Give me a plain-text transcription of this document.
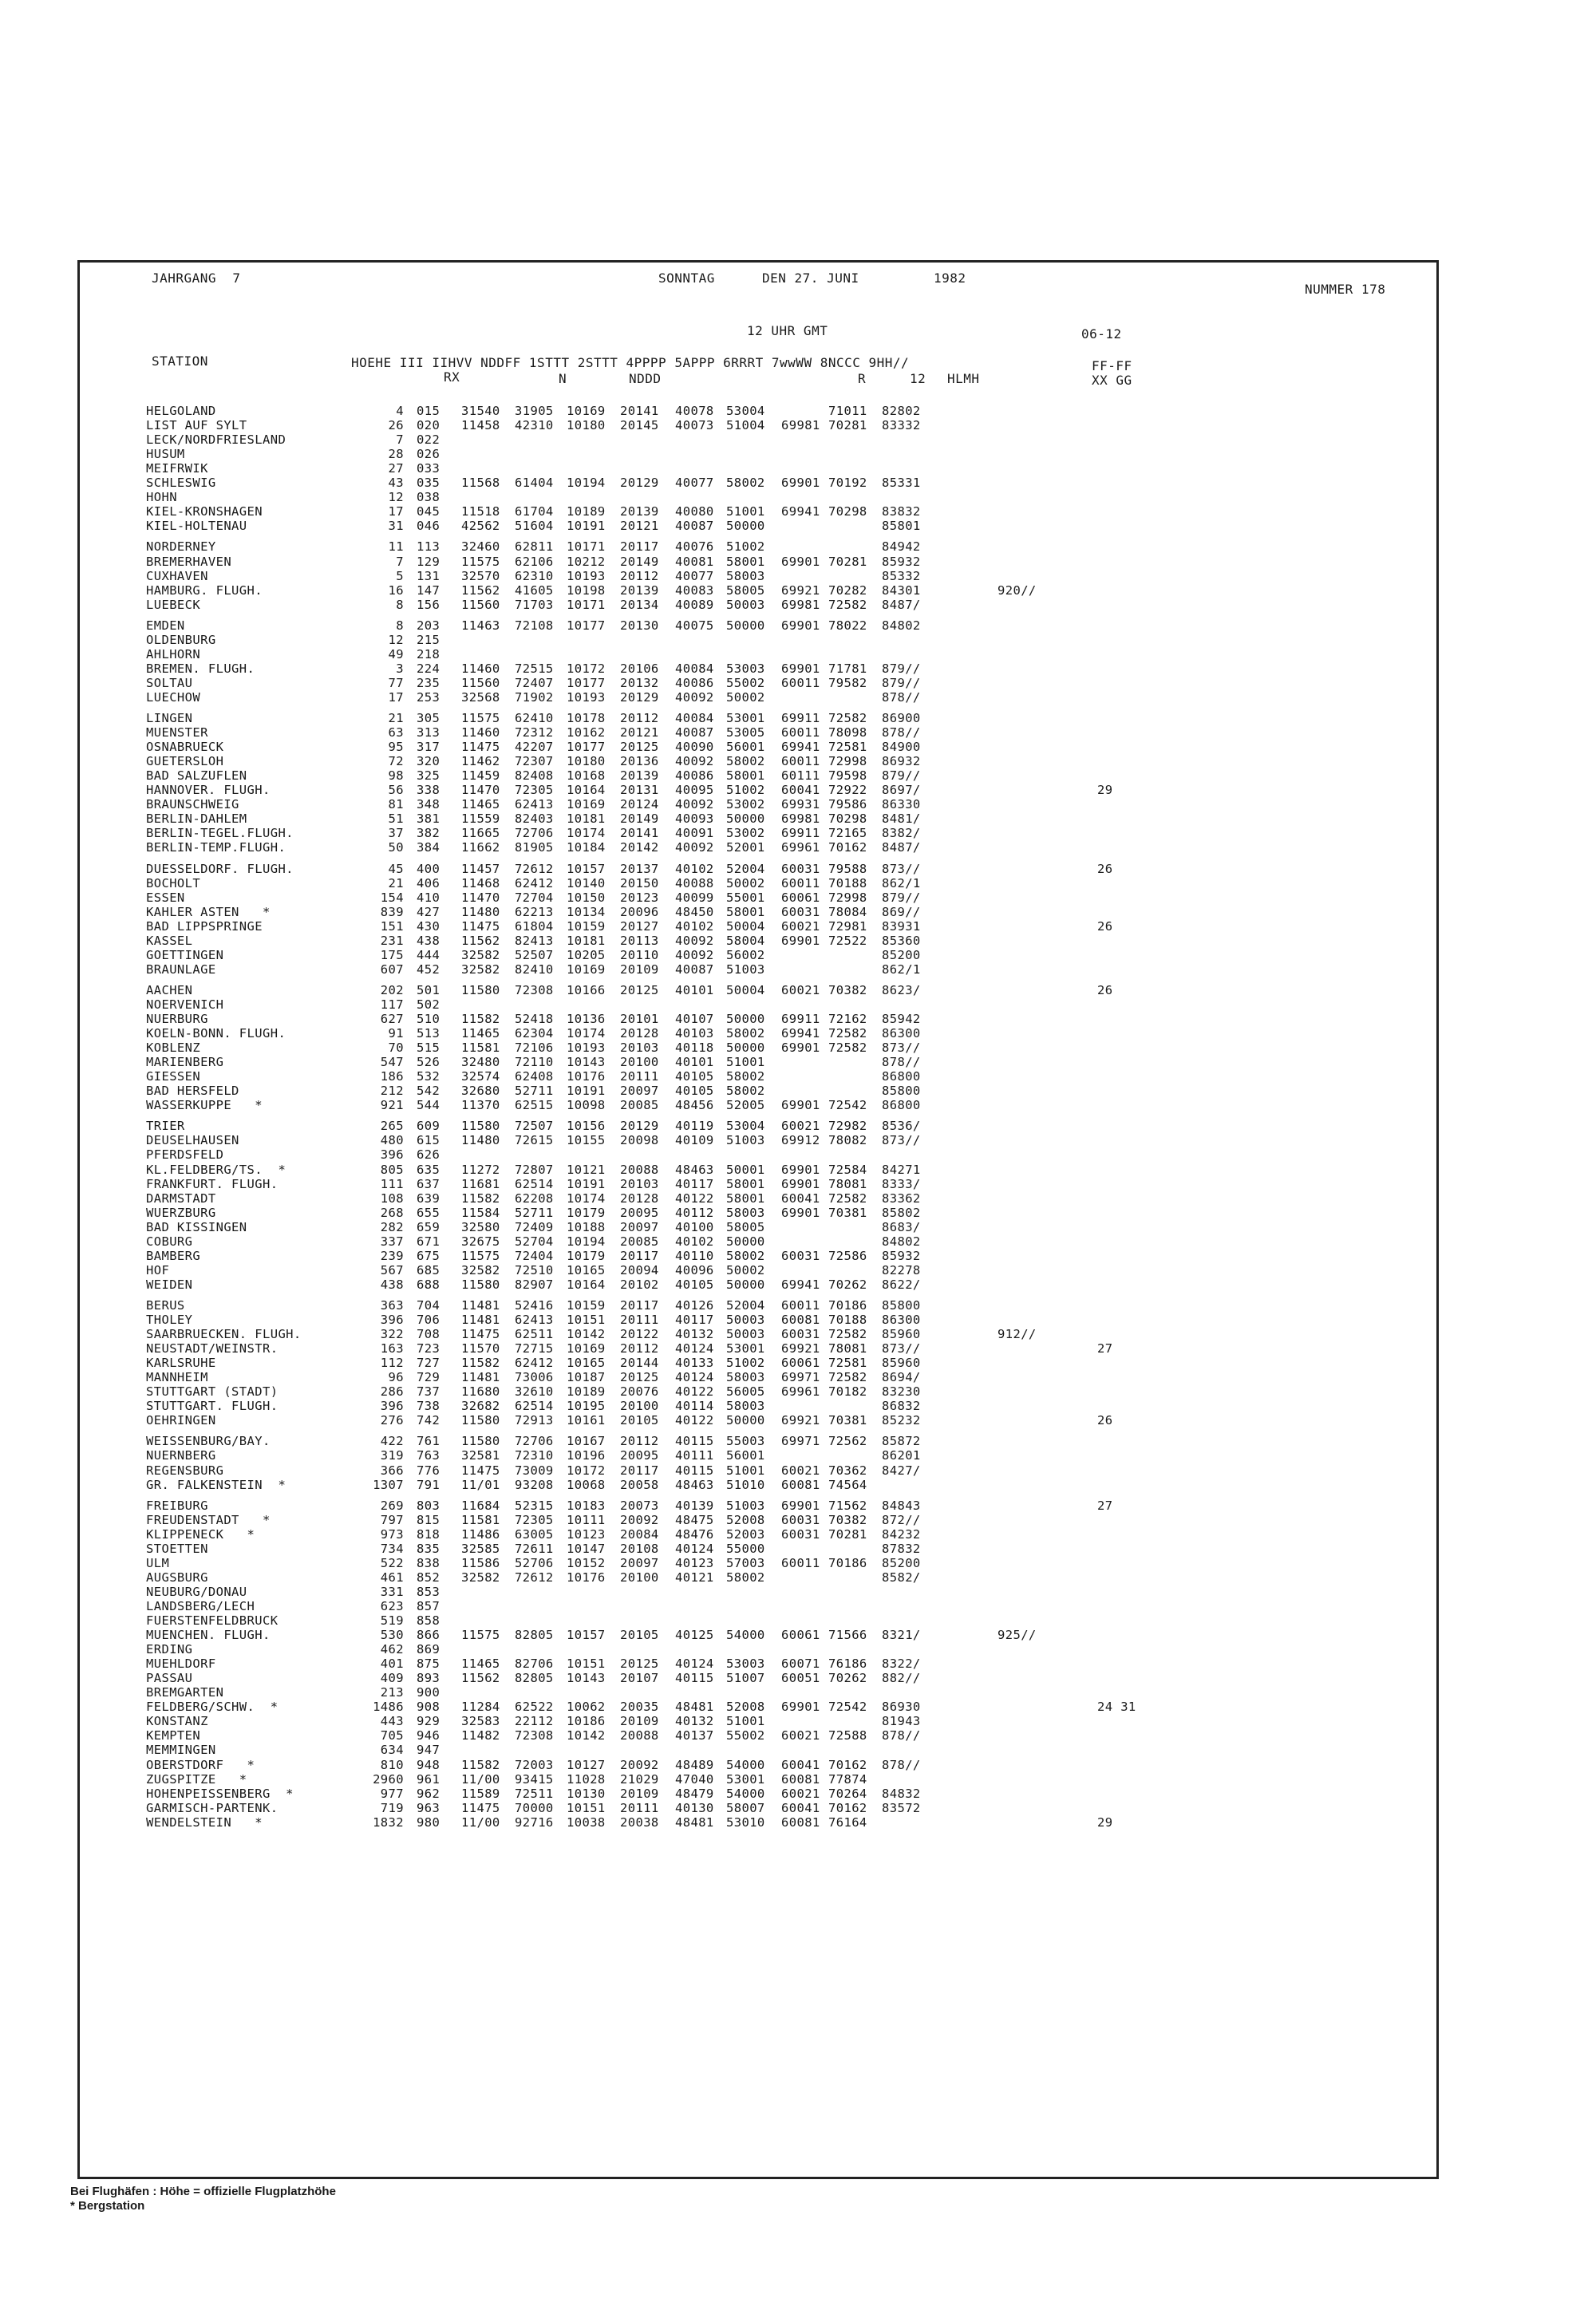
JAHRGANG  7	SONNTAG	DEN 27. JUNI	1982
NUMMER 178
12 UHR GMT	06-12
STATION	HOEHE III IIHVV NDDFF 1STTT 2STTT 4PPPP 5APPP 6RRRT 7wwWW 8NCCC 9HH//	FF-FF
RX	N	NDDD	R	12 HLMH	XX GG
HELGOLAND	4 015 31540 31905 10169 20141 40078 53004	71011 82802
LIST AUF SYLT	26 020 11458 42310 10180 20145 40073 51004 69981 70281 83332
LECK/NORDFRIESLAND	7 022
HUSUM	28 026
MEIFRWIK	27 033
SCHLESWIG	43 035 11568 61404 10194 20129 40077 58002 69901 70192 85331
HOHN	12 038
KIEL-KRONSHAGEN	17 045 11518 61704 10189 20139 40080 51001 69941 70298 83832
KIEL-HOLTENAU	31 046 42562 51604 10191 20121 40087 50000	85801
NORDERNEY	11 113 32460 62811 10171 20117 40076 51002	84942
BREMERHAVEN	7 129 11575 62106 10212 20149 40081 58001 69901 70281 85932
CUXHAVEN	5 131 32570 62310 10193 20112 40077 58003	85332
HAMBURG. FLUGH.	16 147 11562 41605 10198 20139 40083 58005 69921 70282 84301	920//
LUEBECK	8 156 11560 71703 10171 20134 40089 50003 69981 72582 8487/
EMDEN	8 203 11463 72108 10177 20130 40075 50000 69901 78022 84802
OLDENBURG	12 215
AHLHORN	49 218
BREMEN. FLUGH.	3 224 11460 72515 10172 20106 40084 53003 69901 71781 879//
SOLTAU	77 235 11560 72407 10177 20132 40086 55002 60011 79582 879//
LUECHOW	17 253 32568 71902 10193 20129 40092 50002	878//
LINGEN	21 305 11575 62410 10178 20112 40084 53001 69911 72582 86900
MUENSTER	63 313 11460 72312 10162 20121 40087 53005 60011 78098 878//
OSNABRUECK	95 317 11475 42207 10177 20125 40090 56001 69941 72581 84900
GUETERSLOH	72 320 11462 72307 10180 20136 40092 58002 60011 72998 86932
BAD SALZUFLEN	98 325 11459 82408 10168 20139 40086 58001 60111 79598 879//
HANNOVER. FLUGH.	56 338 11470 72305 10164 20131 40095 51002 60041 72922 8697/	29
BRAUNSCHWEIG	81 348 11465 62413 10169 20124 40092 53002 69931 79586 86330
BERLIN-DAHLEM	51 381 11559 82403 10181 20149 40093 50000 69981 70298 8481/
BERLIN-TEGEL.FLUGH.	37 382 11665 72706 10174 20141 40091 53002 69911 72165 8382/
BERLIN-TEMP.FLUGH.	50 384 11662 81905 10184 20142 40092 52001 69961 70162 8487/
DUESSELDORF. FLUGH.	45 400 11457 72612 10157 20137 40102 52004 60031 79588 873//	26
BOCHOLT	21 406 11468 62412 10140 20150 40088 50002 60011 70188 862/1
ESSEN	154 410 11470 72704 10150 20123 40099 55001 60061 72998 879//
KAHLER ASTEN   *	839 427 11480 62213 10134 20096 48450 58001 60031 78084 869//
BAD LIPPSPRINGE	151 430 11475 61804 10159 20127 40102 50004 60021 72981 83931	26
KASSEL	231 438 11562 82413 10181 20113 40092 58004 69901 72522 85360
GOETTINGEN	175 444 32582 52507 10205 20110 40092 56002	85200
BRAUNLAGE	607 452 32582 82410 10169 20109 40087 51003	862/1
AACHEN	202 501 11580 72308 10166 20125 40101 50004 60021 70382 8623/	26
NOERVENICH	117 502
NUERBURG	627 510 11582 52418 10136 20101 40107 50000 69911 72162 85942
KOELN-BONN. FLUGH.	91 513 11465 62304 10174 20128 40103 58002 69941 72582 86300
KOBLENZ	70 515 11581 72106 10193 20103 40118 50000 69901 72582 873//
MARIENBERG	547 526 32480 72110 10143 20100 40101 51001	878//
GIESSEN	186 532 32574 62408 10176 20111 40105 58002	86800
BAD HERSFELD	212 542 32680 52711 10191 20097 40105 58002	85800
WASSERKUPPE   *	921 544 11370 62515 10098 20085 48456 52005 69901 72542 86800
TRIER	265 609 11580 72507 10156 20129 40119 53004 60021 72982 8536/
DEUSELHAUSEN	480 615 11480 72615 10155 20098 40109 51003 69912 78082 873//
PFERDSFELD	396 626
KL.FELDBERG/TS.  *	805 635 11272 72807 10121 20088 48463 50001 69901 72584 84271
FRANKFURT. FLUGH.	111 637 11681 62514 10191 20103 40117 58001 69901 78081 8333/
DARMSTADT	108 639 11582 62208 10174 20128 40122 58001 60041 72582 83362
WUERZBURG	268 655 11584 52711 10179 20095 40112 58003 69901 70381 85802
BAD KISSINGEN	282 659 32580 72409 10188 20097 40100 58005	8683/
COBURG	337 671 32675 52704 10194 20085 40102 50000	84802
BAMBERG	239 675 11575 72404 10179 20117 40110 58002 60031 72586 85932
HOF	567 685 32582 72510 10165 20094 40096 50002	82278
WEIDEN	438 688 11580 82907 10164 20102 40105 50000 69941 70262 8622/
BERUS	363 704 11481 52416 10159 20117 40126 52004 60011 70186 85800
THOLEY	396 706 11481 62413 10151 20111 40117 50003 60081 70188 86300
SAARBRUECKEN. FLUGH.	322 708 11475 62511 10142 20122 40132 50003 60031 72582 85960	912//
NEUSTADT/WEINSTR.	163 723 11570 72715 10169 20112 40124 53001 69921 78081 873//	27
KARLSRUHE	112 727 11582 62412 10165 20144 40133 51002 60061 72581 85960
MANNHEIM	96 729 11481 73006 10187 20125 40124 58003 69971 72582 8694/
STUTTGART (STADT)	286 737 11680 32610 10189 20076 40122 56005 69961 70182 83230
STUTTGART. FLUGH.	396 738 32682 62514 10195 20100 40114 58003	86832
OEHRINGEN	276 742 11580 72913 10161 20105 40122 50000 69921 70381 85232	26
WEISSENBURG/BAY.	422 761 11580 72706 10167 20112 40115 55003 69971 72562 85872
NUERNBERG	319 763 32581 72310 10196 20095 40111 56001	86201
REGENSBURG	366 776 11475 73009 10172 20117 40115 51001 60021 70362 8427/
GR. FALKENSTEIN  *	1307 791 11/01 93208 10068 20058 48463 51010 60081 74564
FREIBURG	269 803 11684 52315 10183 20073 40139 51003 69901 71562 84843	27
FREUDENSTADT   *	797 815 11581 72305 10111 20092 48475 52008 60031 70382 872//
KLIPPENECK   *	973 818 11486 63005 10123 20084 48476 52003 60031 70281 84232
STOETTEN	734 835 32585 72611 10147 20108 40124 55000	87832
ULM	522 838 11586 52706 10152 20097 40123 57003 60011 70186 85200
AUGSBURG	461 852 32582 72612 10176 20100 40121 58002	8582/
NEUBURG/DONAU	331 853
LANDSBERG/LECH	623 857
FUERSTENFELDBRUCK	519 858
MUENCHEN. FLUGH.	530 866 11575 82805 10157 20105 40125 54000 60061 71566 8321/	925//
ERDING	462 869
MUEHLDORF	401 875 11465 82706 10151 20125 40124 53003 60071 76186 8322/
PASSAU	409 893 11562 82805 10143 20107 40115 51007 60051 70262 882//
BREMGARTEN	213 900
FELDBERG/SCHW.  *	1486 908 11284 62522 10062 20035 48481 52008 69901 72542 86930	24 31
KONSTANZ	443 929 32583 22112 10186 20109 40132 51001	81943
KEMPTEN	705 946 11482 72308 10142 20088 40137 55002 60021 72588 878//
MEMMINGEN	634 947
OBERSTDORF   *	810 948 11582 72003 10127 20092 48489 54000 60041 70162 878//
ZUGSPITZE   *	2960 961 11/00 93415 11028 21029 47040 53001 60081 77874
HOHENPEISSENBERG  *	977 962 11589 72511 10130 20109 48479 54000 60021 70264 84832
GARMISCH-PARTENK.	719 963 11475 70000 10151 20111 40130 58007 60041 70162 83572
WENDELSTEIN   *	1832 980 11/00 92716 10038 20038 48481 53010 60081 76164	29
Bei Flughäfen : Höhe = offizielle Flugplatzhöhe
* Bergstation
